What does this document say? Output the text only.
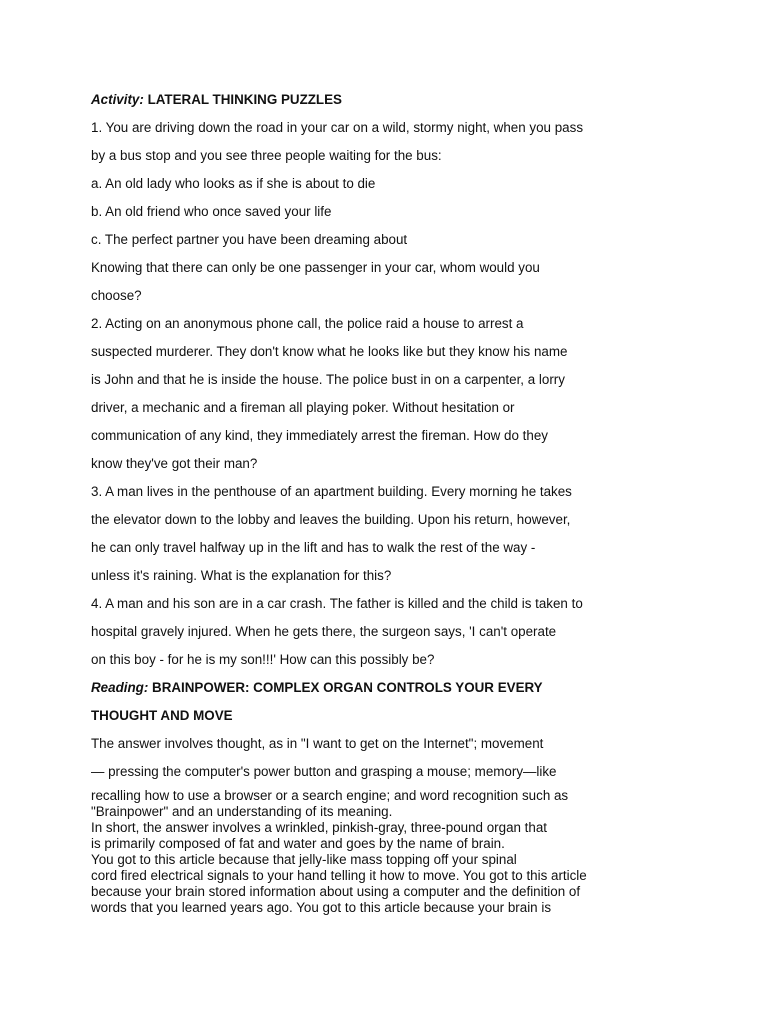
Activity: LATERAL THINKING PUZZLES
1. You are driving down the road in your car on a wild, stormy night, when you pass
by a bus stop and you see three people waiting for the bus:
a. An old lady who looks as if she is about to die
b. An old friend who once saved your life
c. The perfect partner you have been dreaming about
Knowing that there can only be one passenger in your car, whom would you
choose?
2. Acting on an anonymous phone call, the police raid a house to arrest a
suspected murderer. They don't know what he looks like but they know his name
is John and that he is inside the house. The police bust in on a carpenter, a lorry
driver, a mechanic and a fireman all playing poker. Without hesitation or
communication of any kind, they immediately arrest the fireman. How do they
know they've got their man?
3. A man lives in the penthouse of an apartment building. Every morning he takes
the elevator down to the lobby and leaves the building. Upon his return, however,
he can only travel halfway up in the lift and has to walk the rest of the way -
unless it's raining. What is the explanation for this?
4. A man and his son are in a car crash. The father is killed and the child is taken to
hospital gravely injured. When he gets there, the surgeon says, 'I can't operate
on this boy - for he is my son!!!' How can this possibly be?
Reading: BRAINPOWER: COMPLEX ORGAN CONTROLS YOUR EVERY
THOUGHT AND MOVE
The answer involves thought, as in "I want to get on the Internet"; movement
— pressing the computer's power button and grasping a mouse; memory—like
recalling how to use a browser or a search engine; and word recognition such as
"Brainpower" and an understanding of its meaning.
In short, the answer involves a wrinkled, pinkish-gray, three-pound organ that
is primarily composed of fat and water and goes by the name of brain.
You got to this article because that jelly-like mass topping off your spinal
cord fired electrical signals to your hand telling it how to move. You got to this article
because your brain stored information about using a computer and the definition of
words that you learned years ago. You got to this article because your brain is
